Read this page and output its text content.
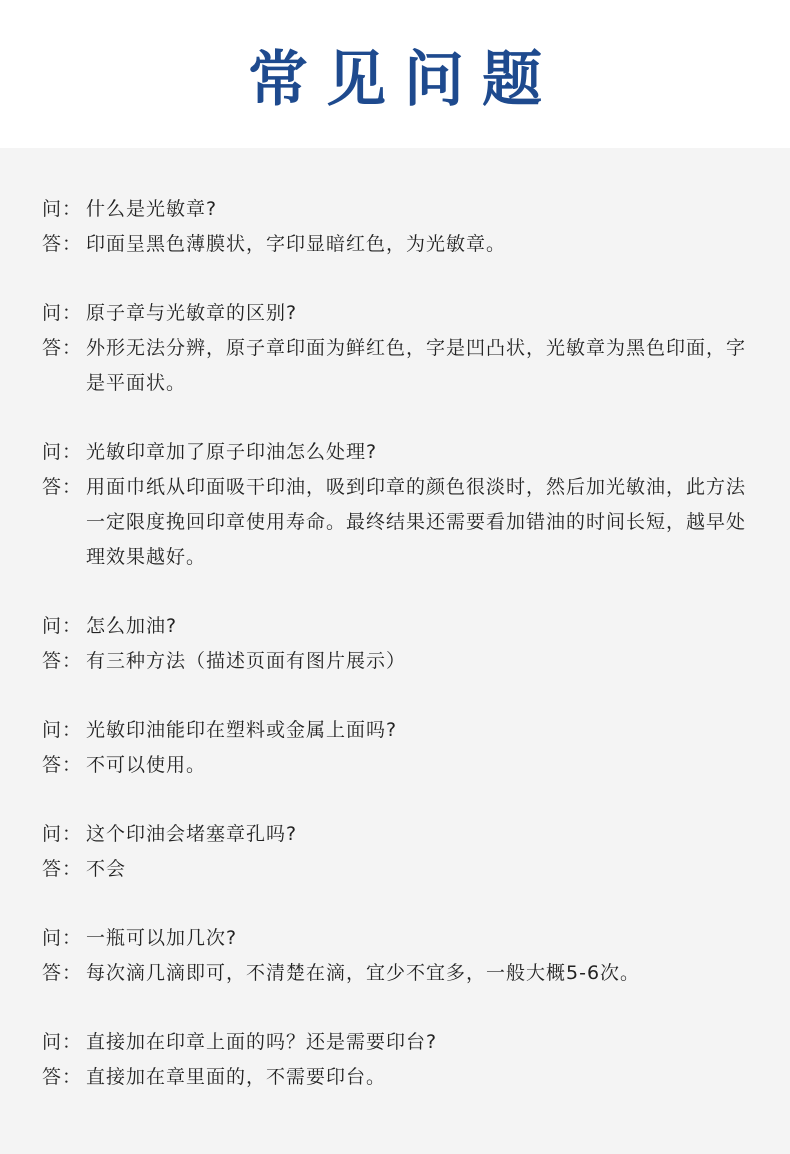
常见问题
问： 什么是光敏章?
答： 印面呈黑色薄膜状，字印显暗红色，为光敏章。
问： 原子章与光敏章的区别?
答： 外形无法分辨，原子章印面为鲜红色，字是凹凸状，光敏章为黑色印面，字是平面状。
问： 光敏印章加了原子印油怎么处理?
答： 用面巾纸从印面吸干印油，吸到印章的颜色很淡时，然后加光敏油，此方法一定限度挽回印章使用寿命。最终结果还需要看加错油的时间长短，越早处理效果越好。
问： 怎么加油?
答： 有三种方法（描述页面有图片展示）
问： 光敏印油能印在塑料或金属上面吗?
答： 不可以使用。
问： 这个印油会堵塞章孔吗?
答： 不会
问： 一瓶可以加几次?
答： 每次滴几滴即可，不清楚在滴，宜少不宜多，一般大概5-6次。
问： 直接加在印章上面的吗？还是需要印台?
答： 直接加在章里面的，不需要印台。
